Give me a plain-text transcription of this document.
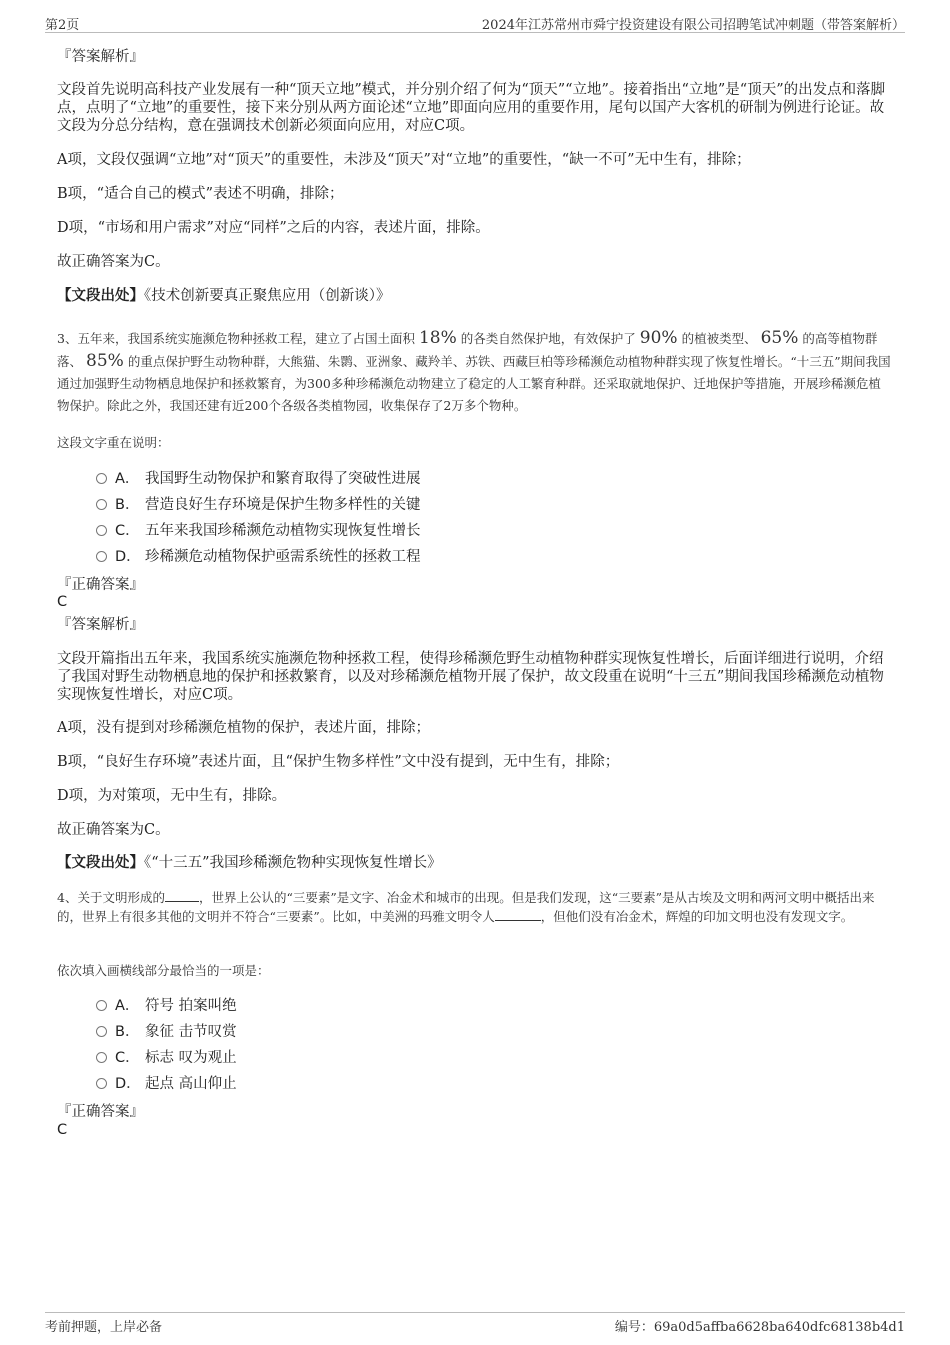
第2页	2024年江苏常州市舜宁投资建设有限公司招聘笔试冲刺题（带答案解析）
『答案解析』
文段首先说明高科技产业发展有一种“顶天立地”模式，并分别介绍了何为“顶天”“立地”。接着指出“立地”是“顶天”的出发点和落脚点，点明了“立地”的重要性，接下来分别从两方面论述“立地”即面向应用的重要作用，尾句以国产大客机的研制为例进行论证。故文段为分总分结构，意在强调技术创新必须面向应用，对应C项。
A项，文段仅强调“立地”对“顶天”的重要性，未涉及“顶天”对“立地”的重要性，“缺一不可”无中生有，排除；
B项，“适合自己的模式”表述不明确，排除；
D项，“市场和用户需求”对应“同样”之后的内容，表述片面，排除。
故正确答案为C。
【文段出处】《技术创新要真正聚焦应用（创新谈）》
3、五年来，我国系统实施濒危物种拯救工程，建立了占国土面积 18% 的各类自然保护地，有效保护了 90% 的植被类型、 65% 的高等植物群落、 85% 的重点保护野生动物种群，大熊猫、朱鹮、亚洲象、藏羚羊、苏铁、西藏巨柏等珍稀濒危动植物种群实现了恢复性增长。“十三五”期间我国通过加强野生动物栖息地保护和拯救繁育，为300多种珍稀濒危动物建立了稳定的人工繁育种群。还采取就地保护、迁地保护等措施，开展珍稀濒危植物保护。除此之外，我国还建有近200个各级各类植物园，收集保存了2万多个物种。
这段文字重在说明：
A． 我国野生动物保护和繁育取得了突破性进展
B． 营造良好生存环境是保护生物多样性的关键
C． 五年来我国珍稀濒危动植物实现恢复性增长
D． 珍稀濒危动植物保护亟需系统性的拯救工程
『正确答案』
C
『答案解析』
文段开篇指出五年来，我国系统实施濒危物种拯救工程，使得珍稀濒危野生动植物种群实现恢复性增长，后面详细进行说明，介绍了我国对野生动物栖息地的保护和拯救繁育，以及对珍稀濒危植物开展了保护，故文段重在说明“十三五”期间我国珍稀濒危动植物实现恢复性增长，对应C项。
A项，没有提到对珍稀濒危植物的保护，表述片面，排除；
B项，“良好生存环境”表述片面，且“保护生物多样性”文中没有提到，无中生有，排除；
D项，为对策项，无中生有，排除。
故正确答案为C。
【文段出处】《“十三五”我国珍稀濒危物种实现恢复性增长》
4、关于文明形成的	，世界上公认的“三要素”是文字、冶金术和城市的出现。但是我们发现，这“三要素”是从古埃及文明和两河文明中概括出来的，世界上有很多其他的文明并不符合“三要素”。比如，中美洲的玛雅文明令人	，但他们没有冶金术，辉煌的印加文明也没有发现文字。
依次填入画横线部分最恰当的一项是：
A． 符号 拍案叫绝
B． 象征 击节叹赏
C． 标志 叹为观止
D． 起点 高山仰止
『正确答案』
C
考前押题，上岸必备	编号：69a0d5affba6628ba640dfc68138b4d1
